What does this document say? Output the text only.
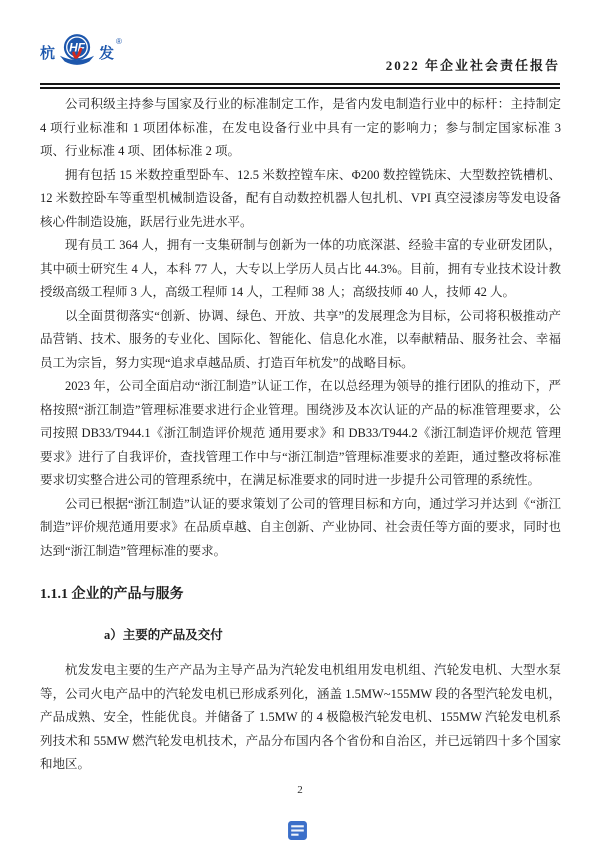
杭 HF 发
®
2022 年企业社会责任报告

公司积级主持参与国家及行业的标准制定工作，是省内发电制造行业中的标杆：主持制定 4 项行业标准和 1 项团体标准，在发电设备行业中具有一定的影响力；参与制定国家标准 3 项、行业标准 4 项、团体标准 2 项。

拥有包括 15 米数控重型卧车、12.5 米数控镗车床、Φ200 数控镗铣床、大型数控铣槽机、12 米数控卧车等重型机械制造设备，配有自动数控机器人包扎机、VPI 真空浸漆房等发电设备核心件制造设施，跃居行业先进水平。

现有员工 364 人，拥有一支集研制与创新为一体的功底深湛、经验丰富的专业研发团队，其中硕士研究生 4 人，本科 77 人，大专以上学历人员占比 44.3%。目前，拥有专业技术设计教授级高级工程师 3 人，高级工程师 14 人，工程师 38 人；高级技师 40 人，技师 42 人。

以全面贯彻落实“创新、协调、绿色、开放、共享”的发展理念为目标，公司将积极推动产品营销、技术、服务的专业化、国际化、智能化、信息化水准，以奉献精品、服务社会、幸福员工为宗旨，努力实现“追求卓越品质、打造百年杭发”的战略目标。

2023 年，公司全面启动“浙江制造”认证工作，在以总经理为领导的推行团队的推动下，严格按照“浙江制造”管理标准要求进行企业管理。围绕涉及本次认证的产品的标准管理要求，公司按照 DB33/T944.1《浙江制造评价规范 通用要求》和 DB33/T944.2《浙江制造评价规范 管理要求》进行了自我评价，查找管理工作中与“浙江制造”管理标准要求的差距，通过整改将标准要求切实整合进公司的管理系统中，在满足标准要求的同时进一步提升公司管理的系统性。

公司已根据“浙江制造”认证的要求策划了公司的管理目标和方向，通过学习并达到《“浙江制造”评价规范通用要求》在品质卓越、自主创新、产业协同、社会责任等方面的要求，同时也达到“浙江制造”管理标准的要求。

1.1.1 企业的产品与服务
a）主要的产品及交付

杭发发电主要的生产产品为主导产品为汽轮发电机组用发电机组、汽轮发电机、大型水泵等，公司火电产品中的汽轮发电机已形成系列化，涵盖 1.5MW~155MW 段的各型汽轮发电机，产品成熟、安全，性能优良。并储备了 1.5MW 的 4 极隐极汽轮发电机、155MW 汽轮发电机系列技术和 55MW 燃汽轮发电机技术，产品分布国内各个省份和自治区，并已远销四十多个国家和地区。

2
